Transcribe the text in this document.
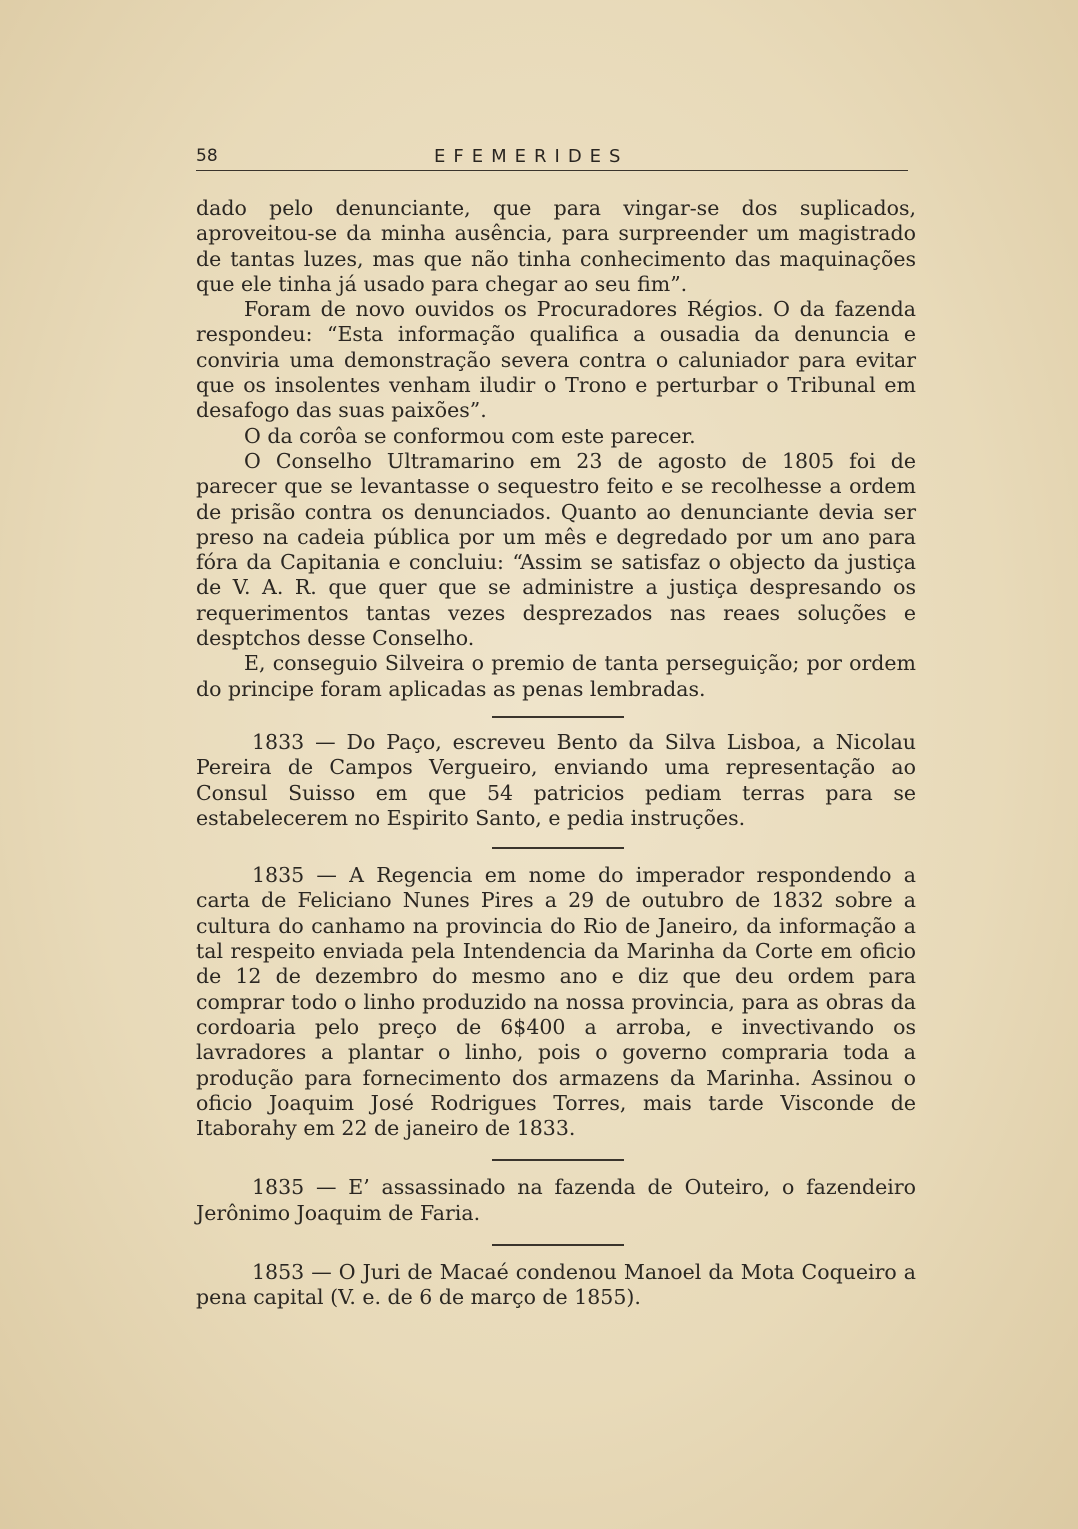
58	EFEMERIDES

dado pelo denunciante, que para vingar-se dos suplicados, aproveitou-se da minha ausência, para surpreender um magistrado de tantas luzes, mas que não tinha conhecimento das maquinações que ele tinha já usado para chegar ao seu fim”.

Foram de novo ouvidos os Procuradores Régios. O da fazenda respondeu: “Esta informação qualifica a ousadia da denuncia e conviria uma demonstração severa contra o caluniador para evitar que os insolentes venham iludir o Trono e perturbar o Tribunal em desafogo das suas paixões”.

O da corôa se conformou com este parecer.

O Conselho Ultramarino em 23 de agosto de 1805 foi de parecer que se levantasse o sequestro feito e se recolhesse a ordem de prisão contra os denunciados. Quanto ao denunciante devia ser preso na cadeia pública por um mês e degredado por um ano para fóra da Capitania e concluiu: “Assim se satisfaz o objecto da justiça de V. A. R. que quer que se administre a justiça despresando os requerimentos tantas vezes desprezados nas reaes soluções e desptchos desse Conselho.

E, conseguio Silveira o premio de tanta perseguição; por ordem do principe foram aplicadas as penas lembradas.

1833 — Do Paço, escreveu Bento da Silva Lisboa, a Nicolau Pereira de Campos Vergueiro, enviando uma representação ao Consul Suisso em que 54 patricios pediam terras para se estabelecerem no Espirito Santo, e pedia instruções.

1835 — A Regencia em nome do imperador respondendo a carta de Feliciano Nunes Pires a 29 de outubro de 1832 sobre a cultura do canhamo na provincia do Rio de Janeiro, da informação a tal respeito enviada pela Intendencia da Marinha da Corte em oficio de 12 de dezembro do mesmo ano e diz que deu ordem para comprar todo o linho produzido na nossa provincia, para as obras da cordoaria pelo preço de 6$400 a arroba, e invectivando os lavradores a plantar o linho, pois o governo compraria toda a produção para fornecimento dos armazens da Marinha. Assinou o oficio Joaquim José Rodrigues Torres, mais tarde Visconde de Itaborahy em 22 de janeiro de 1833.

1835 — E’ assassinado na fazenda de Outeiro, o fazendeiro Jerônimo Joaquim de Faria.

1853 — O Juri de Macaé condenou Manoel da Mota Coqueiro a pena capital (V. e. de 6 de março de 1855).
